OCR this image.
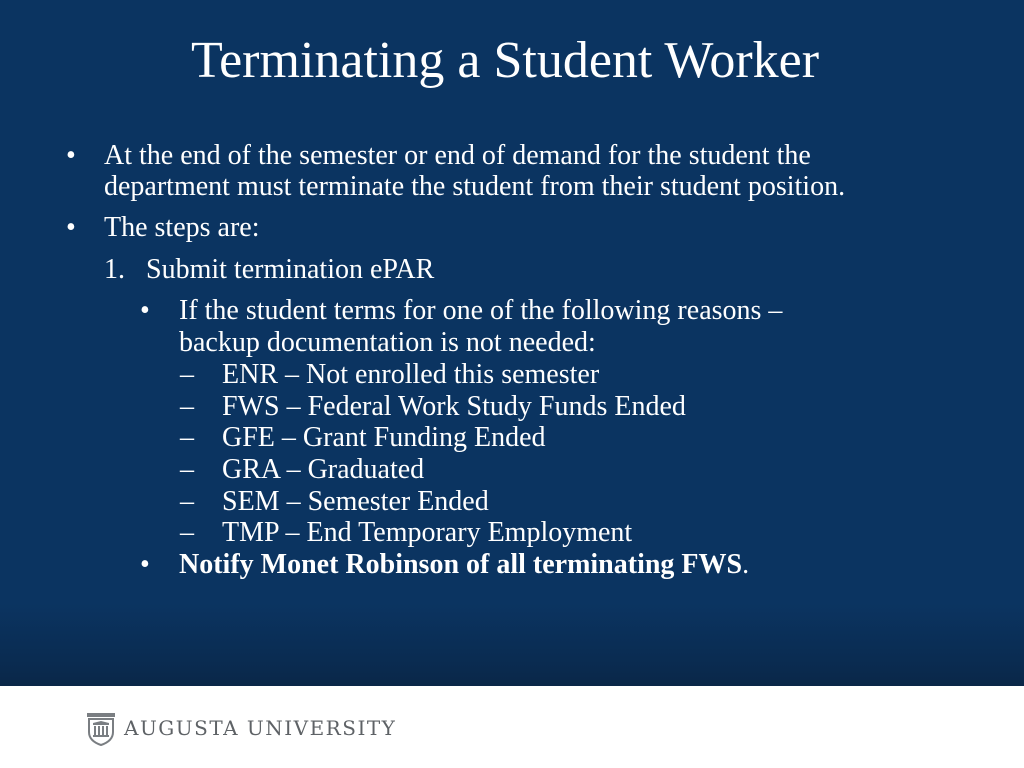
Terminating a Student Worker
• At the end of the semester or end of demand for the student the
department must terminate the student from their student position.
• The steps are:
1. Submit termination ePAR
• If the student terms for one of the following reasons –
backup documentation is not needed:
– ENR – Not enrolled this semester
– FWS – Federal Work Study Funds Ended
– GFE – Grant Funding Ended
– GRA – Graduated
– SEM – Semester Ended
– TMP – End Temporary Employment
• Notify Monet Robinson of all terminating FWS.
AUGUSTA UNIVERSITY
